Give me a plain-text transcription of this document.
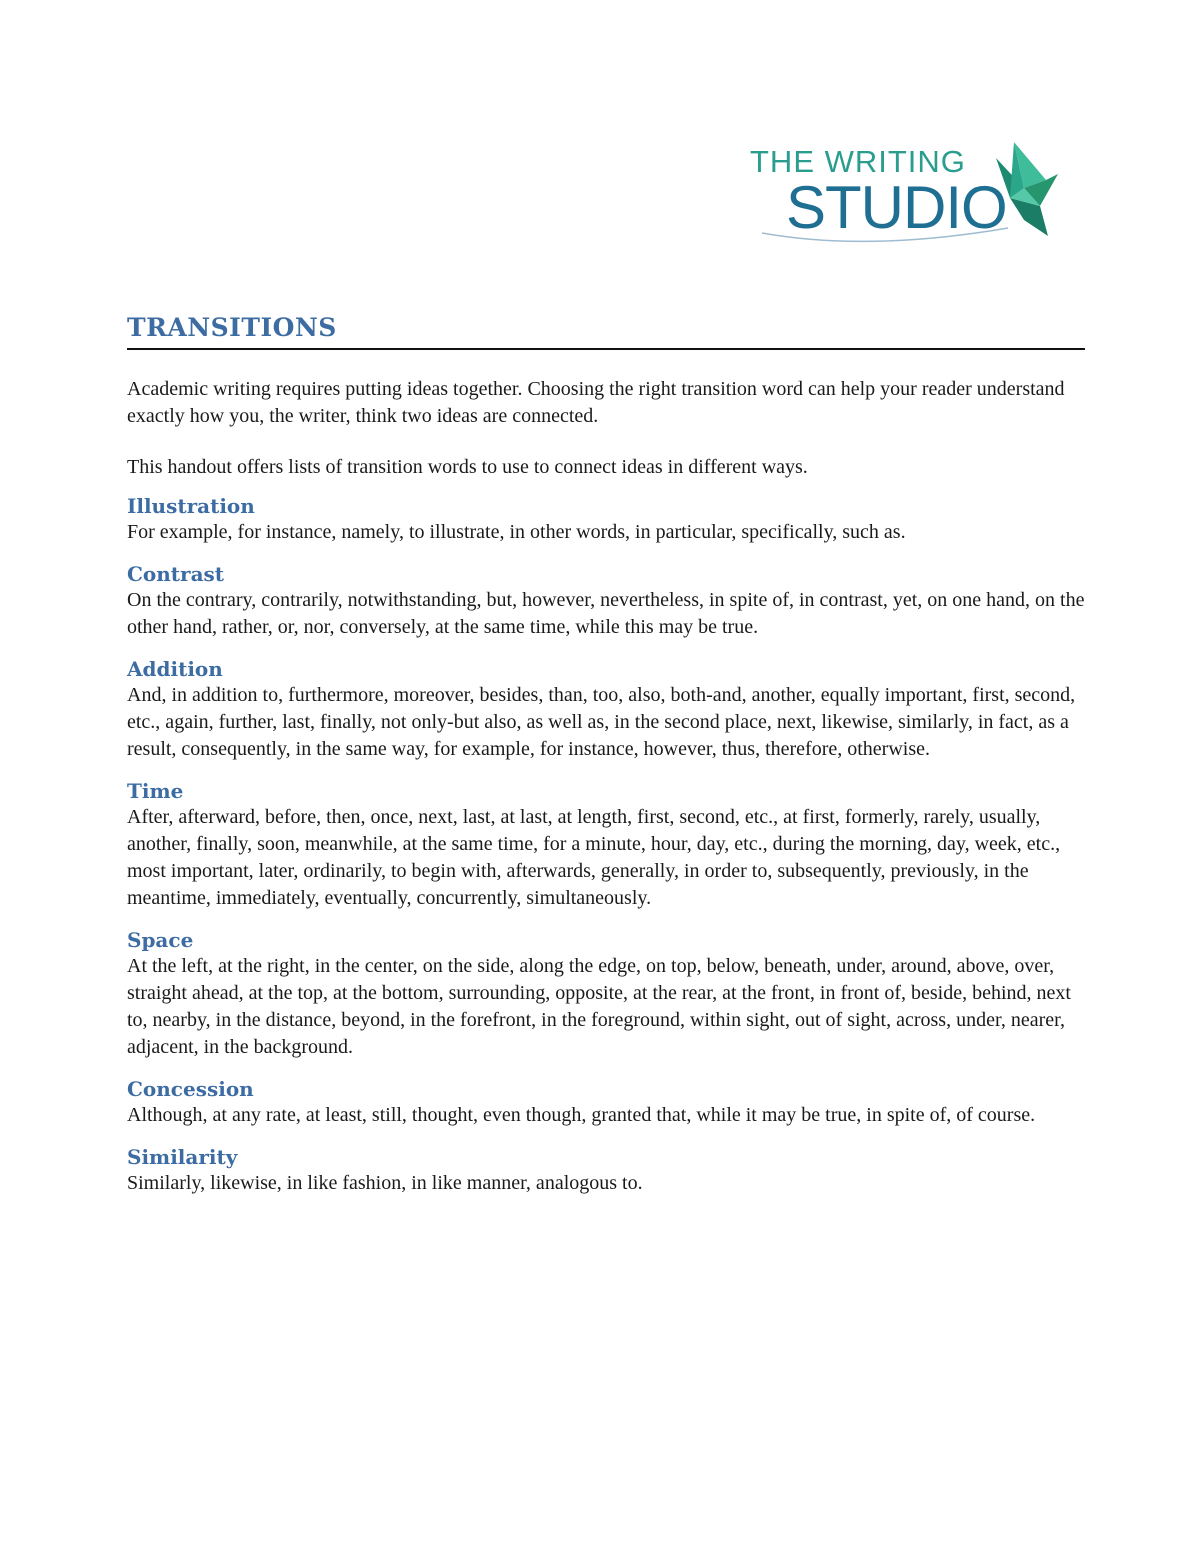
THE WRITING
STUDIO
TRANSITIONS

Academic writing requires putting ideas together. Choosing the right transition word can help your reader understand exactly how you, the writer, think two ideas are connected.

This handout offers lists of transition words to use to connect ideas in different ways.

Illustration

For example, for instance, namely, to illustrate, in other words, in particular, specifically, such as.

Contrast

On the contrary, contrarily, notwithstanding, but, however, nevertheless, in spite of, in contrast, yet, on one hand, on the other hand, rather, or, nor, conversely, at the same time, while this may be true.

Addition

And, in addition to, furthermore, moreover, besides, than, too, also, both-and, another, equally important, first, second, etc., again, further, last, finally, not only-but also, as well as, in the second place, next, likewise, similarly, in fact, as a result, consequently, in the same way, for example, for instance, however, thus, therefore, otherwise.

Time

After, afterward, before, then, once, next, last, at last, at length, first, second, etc., at first, formerly, rarely, usually, another, finally, soon, meanwhile, at the same time, for a minute, hour, day, etc., during the morning, day, week, etc., most important, later, ordinarily, to begin with, afterwards, generally, in order to, subsequently, previously, in the meantime, immediately, eventually, concurrently, simultaneously.

Space

At the left, at the right, in the center, on the side, along the edge, on top, below, beneath, under, around, above, over, straight ahead, at the top, at the bottom, surrounding, opposite, at the rear, at the front, in front of, beside, behind, next to, nearby, in the distance, beyond, in the forefront, in the foreground, within sight, out of sight, across, under, nearer, adjacent, in the background.

Concession

Although, at any rate, at least, still, thought, even though, granted that, while it may be true, in spite of, of course.

Similarity

Similarly, likewise, in like fashion, in like manner, analogous to.
